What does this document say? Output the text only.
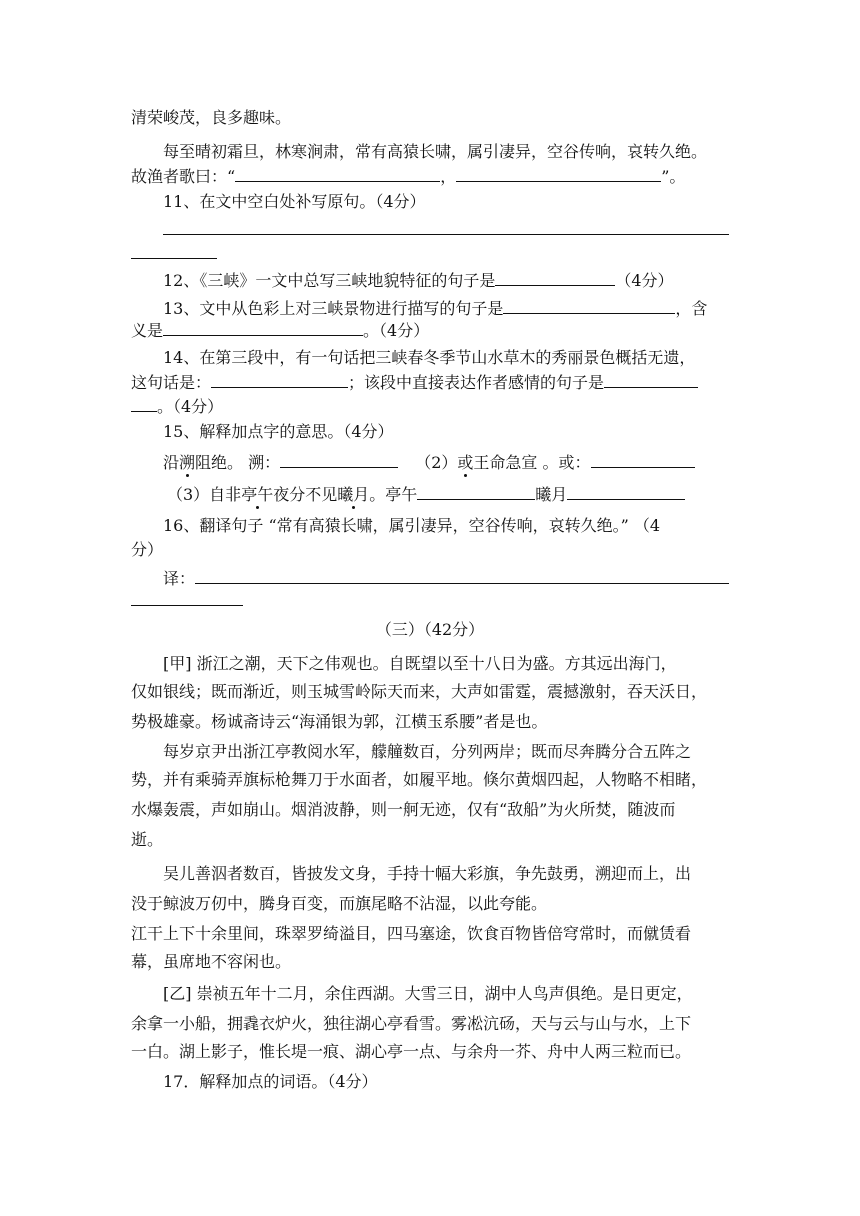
清荣峻茂，良多趣味。
每至晴初霜旦，林寒涧肃，常有高猿长啸，属引凄异，空谷传响，哀转久绝。
故渔者歌曰：“	，	”。
11、在文中空白处补写原句。（4分）
12、《三峡》一文中总写三峡地貌特征的句子是	（4分）
13、文中从色彩上对三峡景物进行描写的句子是	，含
义是	。（4分）
14、在第三段中，有一句话把三峡春冬季节山水草木的秀丽景色概括无遗，
这句话是：	；该段中直接表达作者感情的句子是
。（4分）
15、解释加点字的意思。（4分）
沿溯阻绝。 溯：	（2）或王命急宣 。或：
（3）自非亭午夜分不见曦月。亭午	曦月
16、翻译句子 “常有高猿长啸，属引凄异，空谷传响，哀转久绝。” （4
分）
译：
（三）（42分）
[甲] 浙江之潮，天下之伟观也。自既望以至十八日为盛。方其远出海门，
仅如银线；既而渐近，则玉城雪岭际天而来，大声如雷霆，震撼激射，吞天沃日，
势极雄豪。杨诚斋诗云“海涌银为郭，江横玉系腰”者是也。
每岁京尹出浙江亭教阅水军，艨艟数百，分列两岸；既而尽奔腾分合五阵之
势，并有乘骑弄旗标枪舞刀于水面者，如履平地。倏尔黄烟四起，人物略不相睹，
水爆轰震，声如崩山。烟消波静，则一舸无迹，仅有“敌船”为火所焚，随波而
逝。
吴儿善泅者数百，皆披发文身，手持十幅大彩旗，争先鼓勇，溯迎而上，出
没于鲸波万仞中，腾身百变，而旗尾略不沾湿，以此夸能。
江干上下十余里间，珠翠罗绮溢目，四马塞途，饮食百物皆倍穹常时，而僦赁看
幕，虽席地不容闲也。
[乙] 崇祯五年十二月，余住西湖。大雪三日，湖中人鸟声俱绝。是日更定，
余拿一小船，拥毳衣炉火，独往湖心亭看雪。雾凇沆砀，天与云与山与水，上下
一白。湖上影子，惟长堤一痕、湖心亭一点、与余舟一芥、舟中人两三粒而已。
17．解释加点的词语。（4分）
